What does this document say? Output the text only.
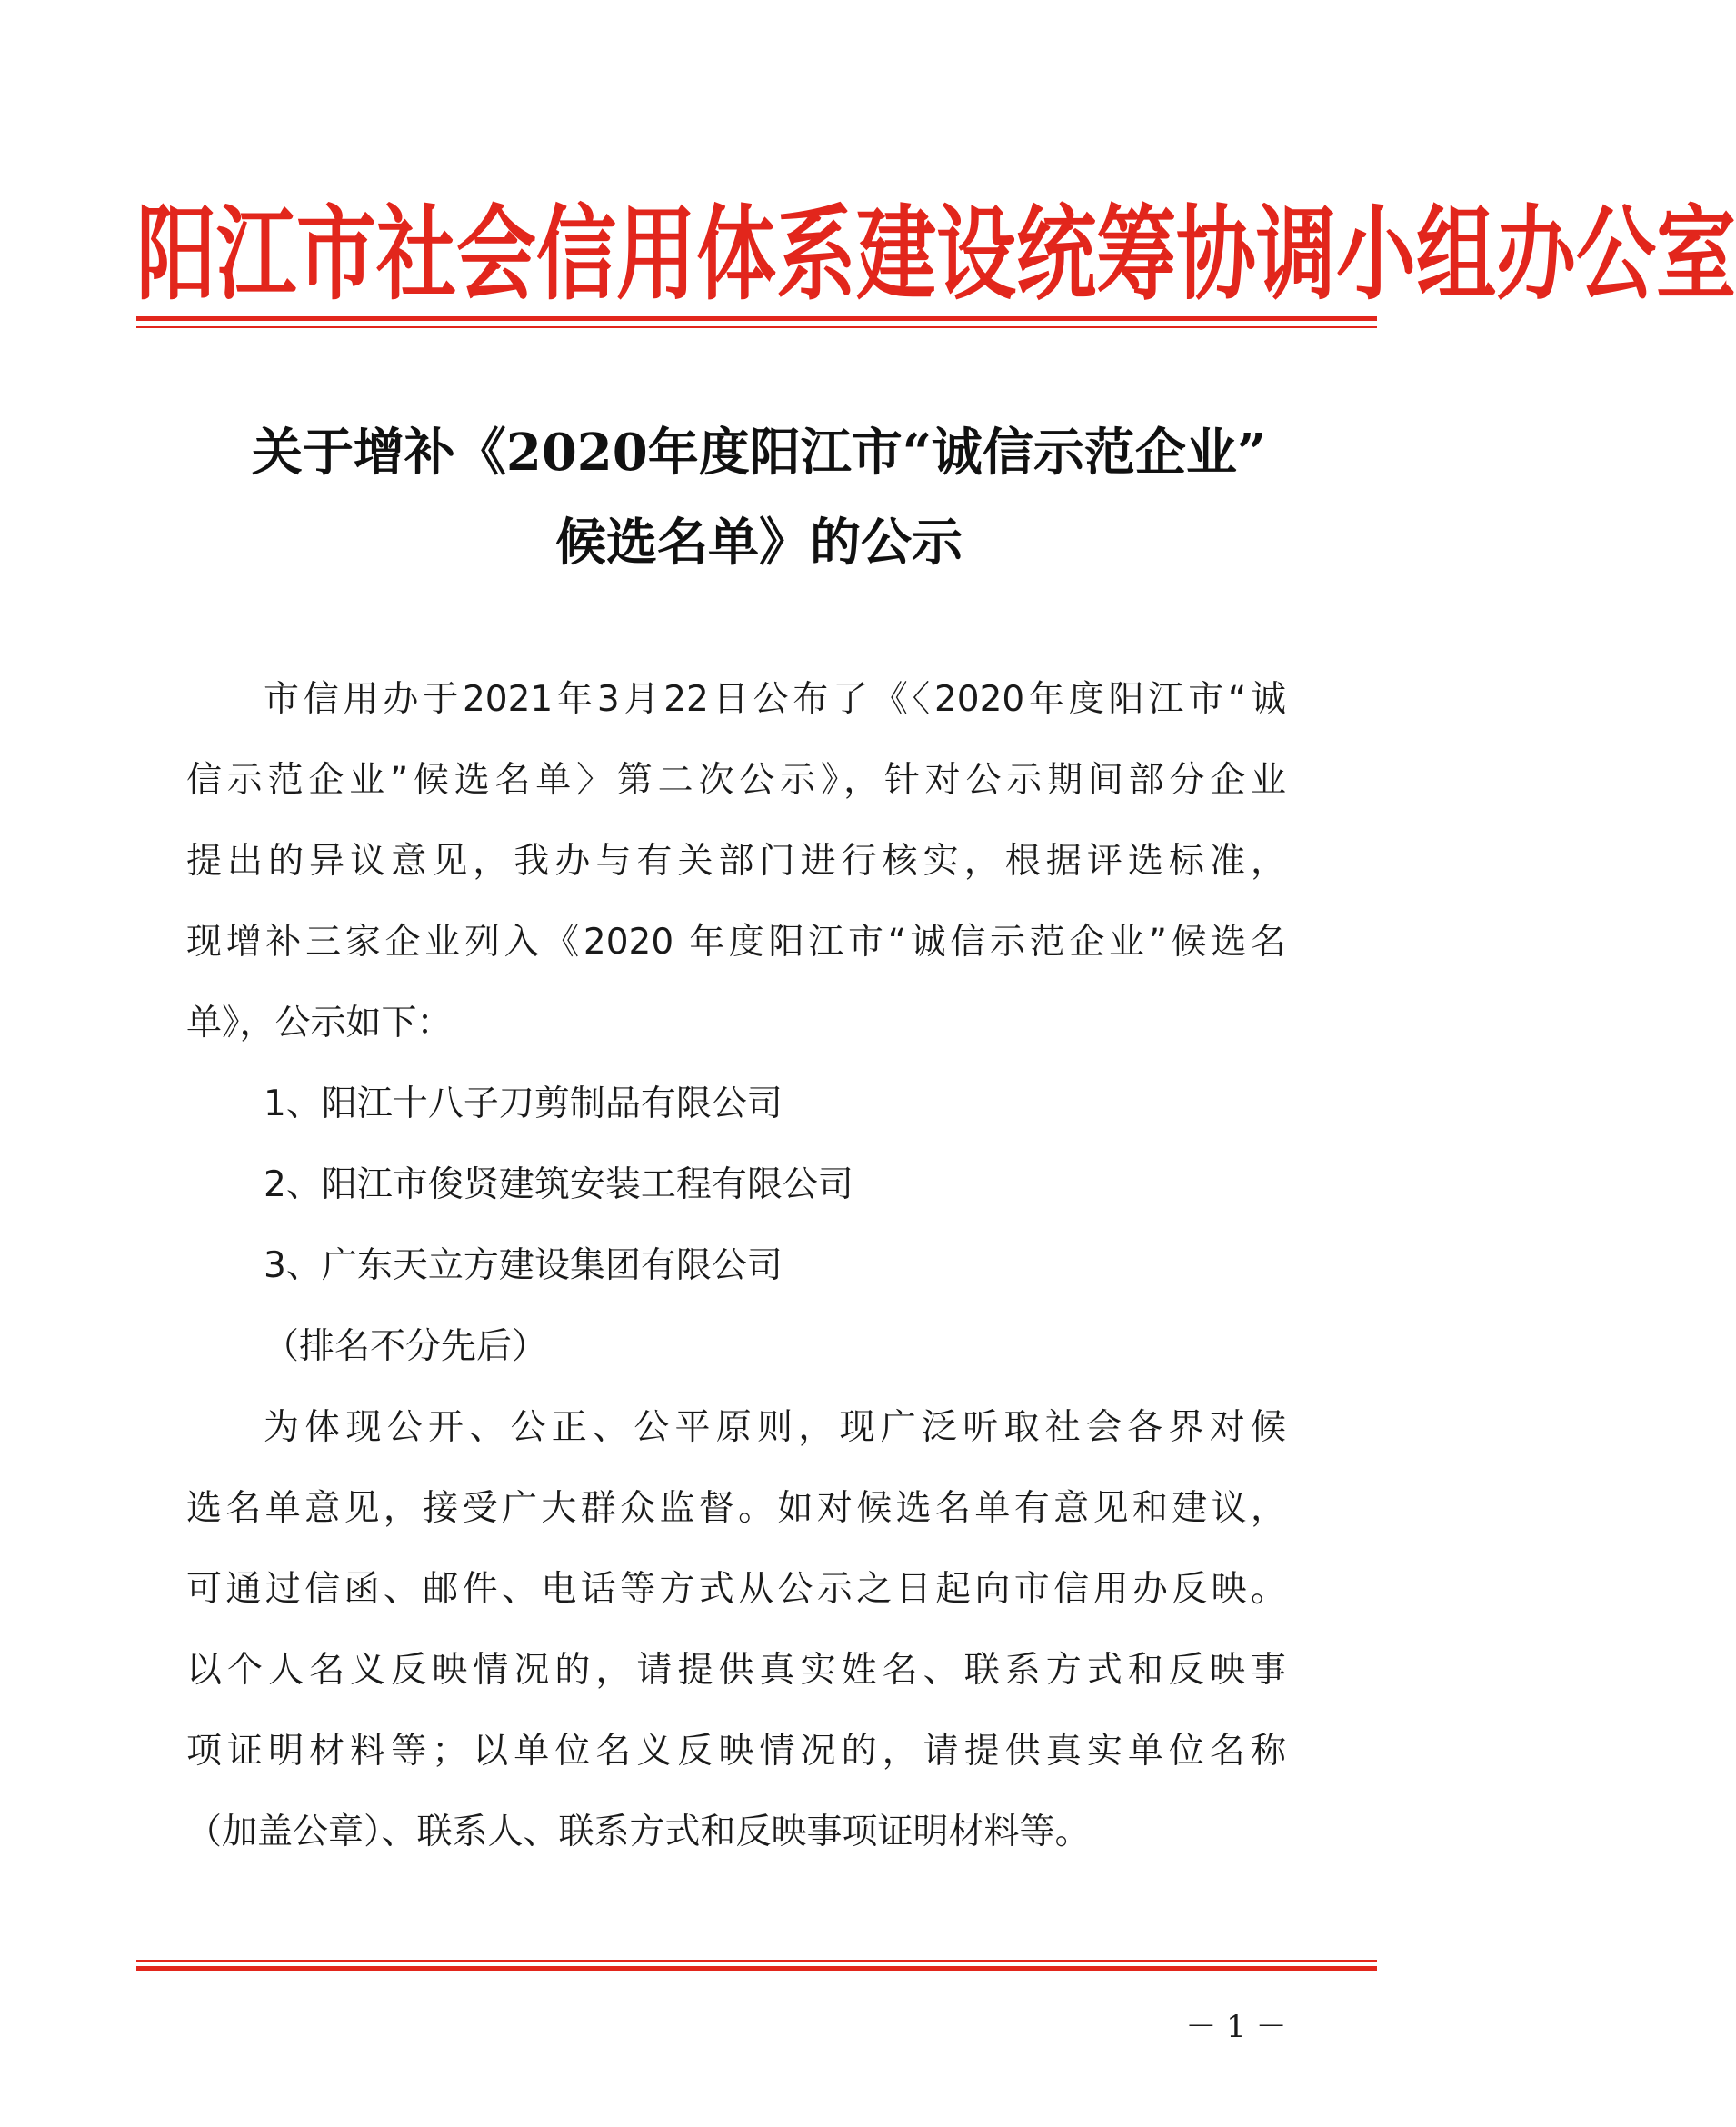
阳江市社会信用体系建设统筹协调小组办公室
关于增补《2020年度阳江市“诚信示范企业”
候选名单》的公示
市信用办于2021年3月22日公布了《〈2020年度阳江市“诚
信示范企业”候选名单〉第二次公示》，针对公示期间部分企业
提出的异议意见，我办与有关部门进行核实，根据评选标准，
现增补三家企业列入《2020 年度阳江市“诚信示范企业”候选名
单》，公示如下：
1、阳江十八子刀剪制品有限公司
2、阳江市俊贤建筑安装工程有限公司
3、广东天立方建设集团有限公司
（排名不分先后）
为体现公开、公正、公平原则，现广泛听取社会各界对候
选名单意见，接受广大群众监督。如对候选名单有意见和建议，
可通过信函、邮件、电话等方式从公示之日起向市信用办反映。
以个人名义反映情况的，请提供真实姓名、联系方式和反映事
项证明材料等；以单位名义反映情况的，请提供真实单位名称
（加盖公章）、联系人、联系方式和反映事项证明材料等。
－ 1 －
